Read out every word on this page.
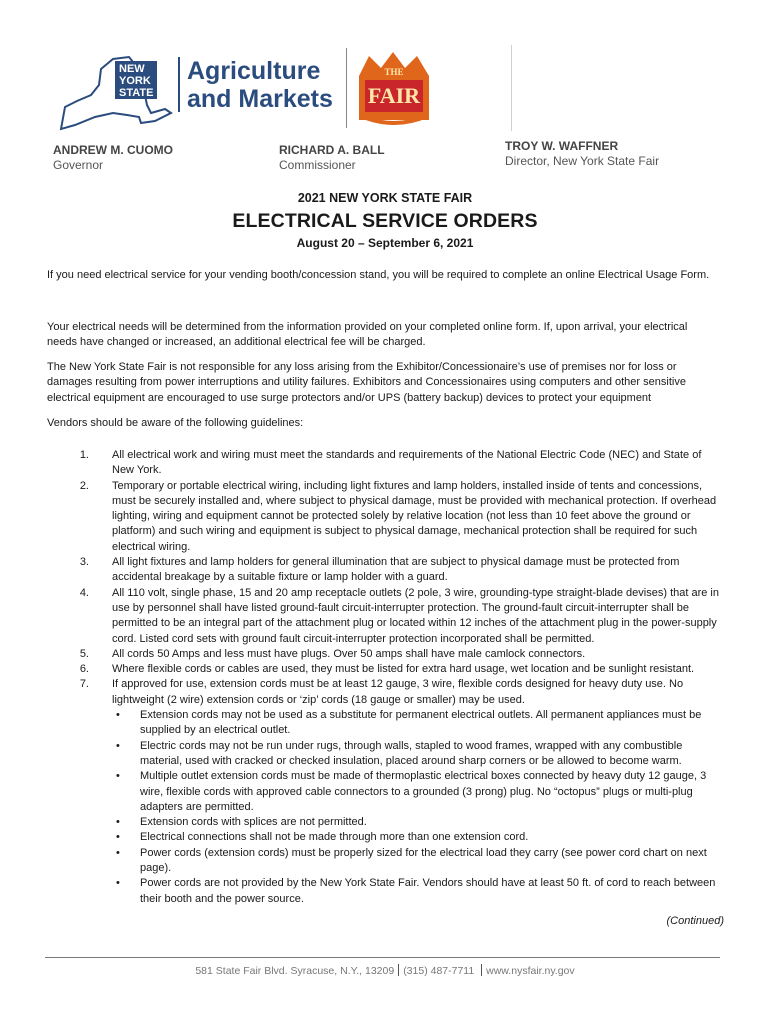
NEW
YORK
STATE
Agriculture
and Markets
THE
FAIR
ANDREW M. CUOMO
Governor
RICHARD A. BALL
Commissioner
TROY W. WAFFNER
Director, New York State Fair
2021 NEW YORK STATE FAIR
ELECTRICAL SERVICE ORDERS
August 20 – September 6, 2021
If you need electrical service for your vending booth/concession stand, you will be required to complete an online Electrical Usage Form.
Your electrical needs will be determined from the information provided on your completed online form. If, upon arrival, your electrical needs have changed or increased, an additional electrical fee will be charged.
The New York State Fair is not responsible for any loss arising from the Exhibitor/Concessionaire’s use of premises nor for loss or damages resulting from power interruptions and utility failures. Exhibitors and Concessionaires using computers and other sensitive electrical equipment are encouraged to use surge protectors and/or UPS (battery backup) devices to protect your equipment
Vendors should be aware of the following guidelines:
1. All electrical work and wiring must meet the standards and requirements of the National Electric Code (NEC) and State of New York.
2. Temporary or portable electrical wiring, including light fixtures and lamp holders, installed inside of tents and concessions, must be securely installed and, where subject to physical damage, must be provided with mechanical protection. If overhead lighting, wiring and equipment cannot be protected solely by relative location (not less than 10 feet above the ground or platform) and such wiring and equipment is subject to physical damage, mechanical protection shall be required for such electrical wiring.
3. All light fixtures and lamp holders for general illumination that are subject to physical damage must be protected from accidental breakage by a suitable fixture or lamp holder with a guard.
4. All 110 volt, single phase, 15 and 20 amp receptacle outlets (2 pole, 3 wire, grounding-type straight-blade devises) that are in use by personnel shall have listed ground-fault circuit-interrupter protection. The ground-fault circuit-interrupter shall be permitted to be an integral part of the attachment plug or located within 12 inches of the attachment plug in the power-supply cord. Listed cord sets with ground fault circuit-interrupter protection incorporated shall be permitted.
5. All cords 50 Amps and less must have plugs. Over 50 amps shall have male camlock connectors.
6. Where flexible cords or cables are used, they must be listed for extra hard usage, wet location and be sunlight resistant.
7. If approved for use, extension cords must be at least 12 gauge, 3 wire, flexible cords designed for heavy duty use. No lightweight (2 wire) extension cords or ‘zip’ cords (18 gauge or smaller) may be used.
• Extension cords may not be used as a substitute for permanent electrical outlets. All permanent appliances must be supplied by an electrical outlet.
• Electric cords may not be run under rugs, through walls, stapled to wood frames, wrapped with any combustible material, used with cracked or checked insulation, placed around sharp corners or be allowed to become warm.
• Multiple outlet extension cords must be made of thermoplastic electrical boxes connected by heavy duty 12 gauge, 3 wire, flexible cords with approved cable connectors to a grounded (3 prong) plug. No “octopus” plugs or multi-plug adapters are permitted.
• Extension cords with splices are not permitted.
• Electrical connections shall not be made through more than one extension cord.
• Power cords (extension cords) must be properly sized for the electrical load they carry (see power cord chart on next page).
• Power cords are not provided by the New York State Fair. Vendors should have at least 50 ft. of cord to reach between their booth and the power source.
(Continued)
581 State Fair Blvd. Syracuse, N.Y., 13209 (315) 487-7711 www.nysfair.ny.gov
